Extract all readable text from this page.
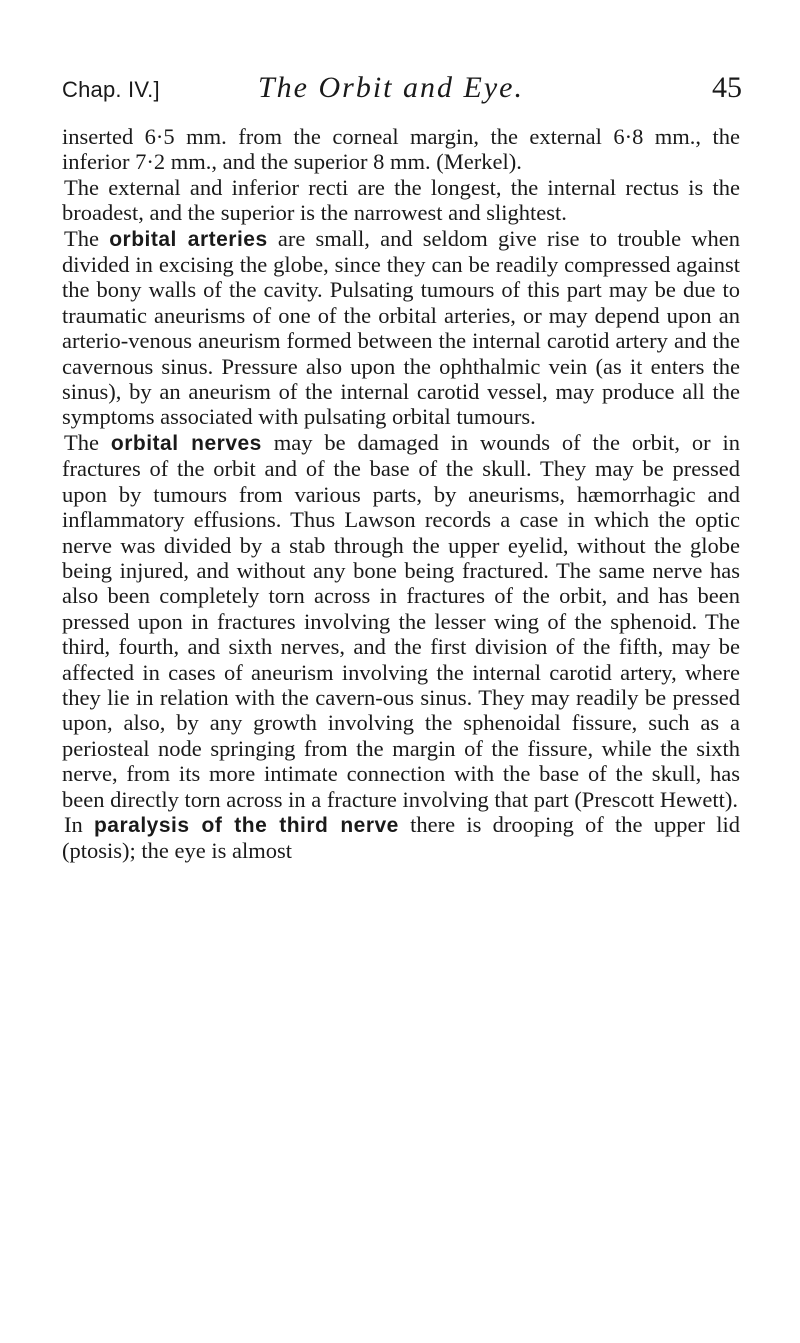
Chap. IV.]	The Orbit and Eye.	45

inserted 6·5 mm. from the corneal margin, the external 6·8 mm., the inferior 7·2 mm., and the superior 8 mm. (Merkel).

The external and inferior recti are the longest, the internal rectus is the broadest, and the superior is the narrowest and slightest.

The orbital arteries are small, and seldom give rise to trouble when divided in excising the globe, since they can be readily compressed against the bony walls of the cavity. Pulsating tumours of this part may be due to traumatic aneurisms of one of the orbital arteries, or may depend upon an arterio-venous aneurism formed between the internal carotid artery and the cavernous sinus. Pressure also upon the ophthalmic vein (as it enters the sinus), by an aneurism of the internal carotid vessel, may produce all the symptoms associated with pulsating orbital tumours.

The orbital nerves may be damaged in wounds of the orbit, or in fractures of the orbit and of the base of the skull. They may be pressed upon by tumours from various parts, by aneurisms, hæmorrhagic and inflammatory effusions. Thus Lawson records a case in which the optic nerve was divided by a stab through the upper eyelid, without the globe being injured, and without any bone being fractured. The same nerve has also been completely torn across in fractures of the orbit, and has been pressed upon in fractures involving the lesser wing of the sphenoid. The third, fourth, and sixth nerves, and the first division of the fifth, may be affected in cases of aneurism involving the internal carotid artery, where they lie in relation with the cavern-ous sinus. They may readily be pressed upon, also, by any growth involving the sphenoidal fissure, such as a periosteal node springing from the margin of the fissure, while the sixth nerve, from its more intimate connection with the base of the skull, has been directly torn across in a fracture involving that part (Prescott Hewett).

In paralysis of the third nerve there is drooping of the upper lid (ptosis); the eye is almost
